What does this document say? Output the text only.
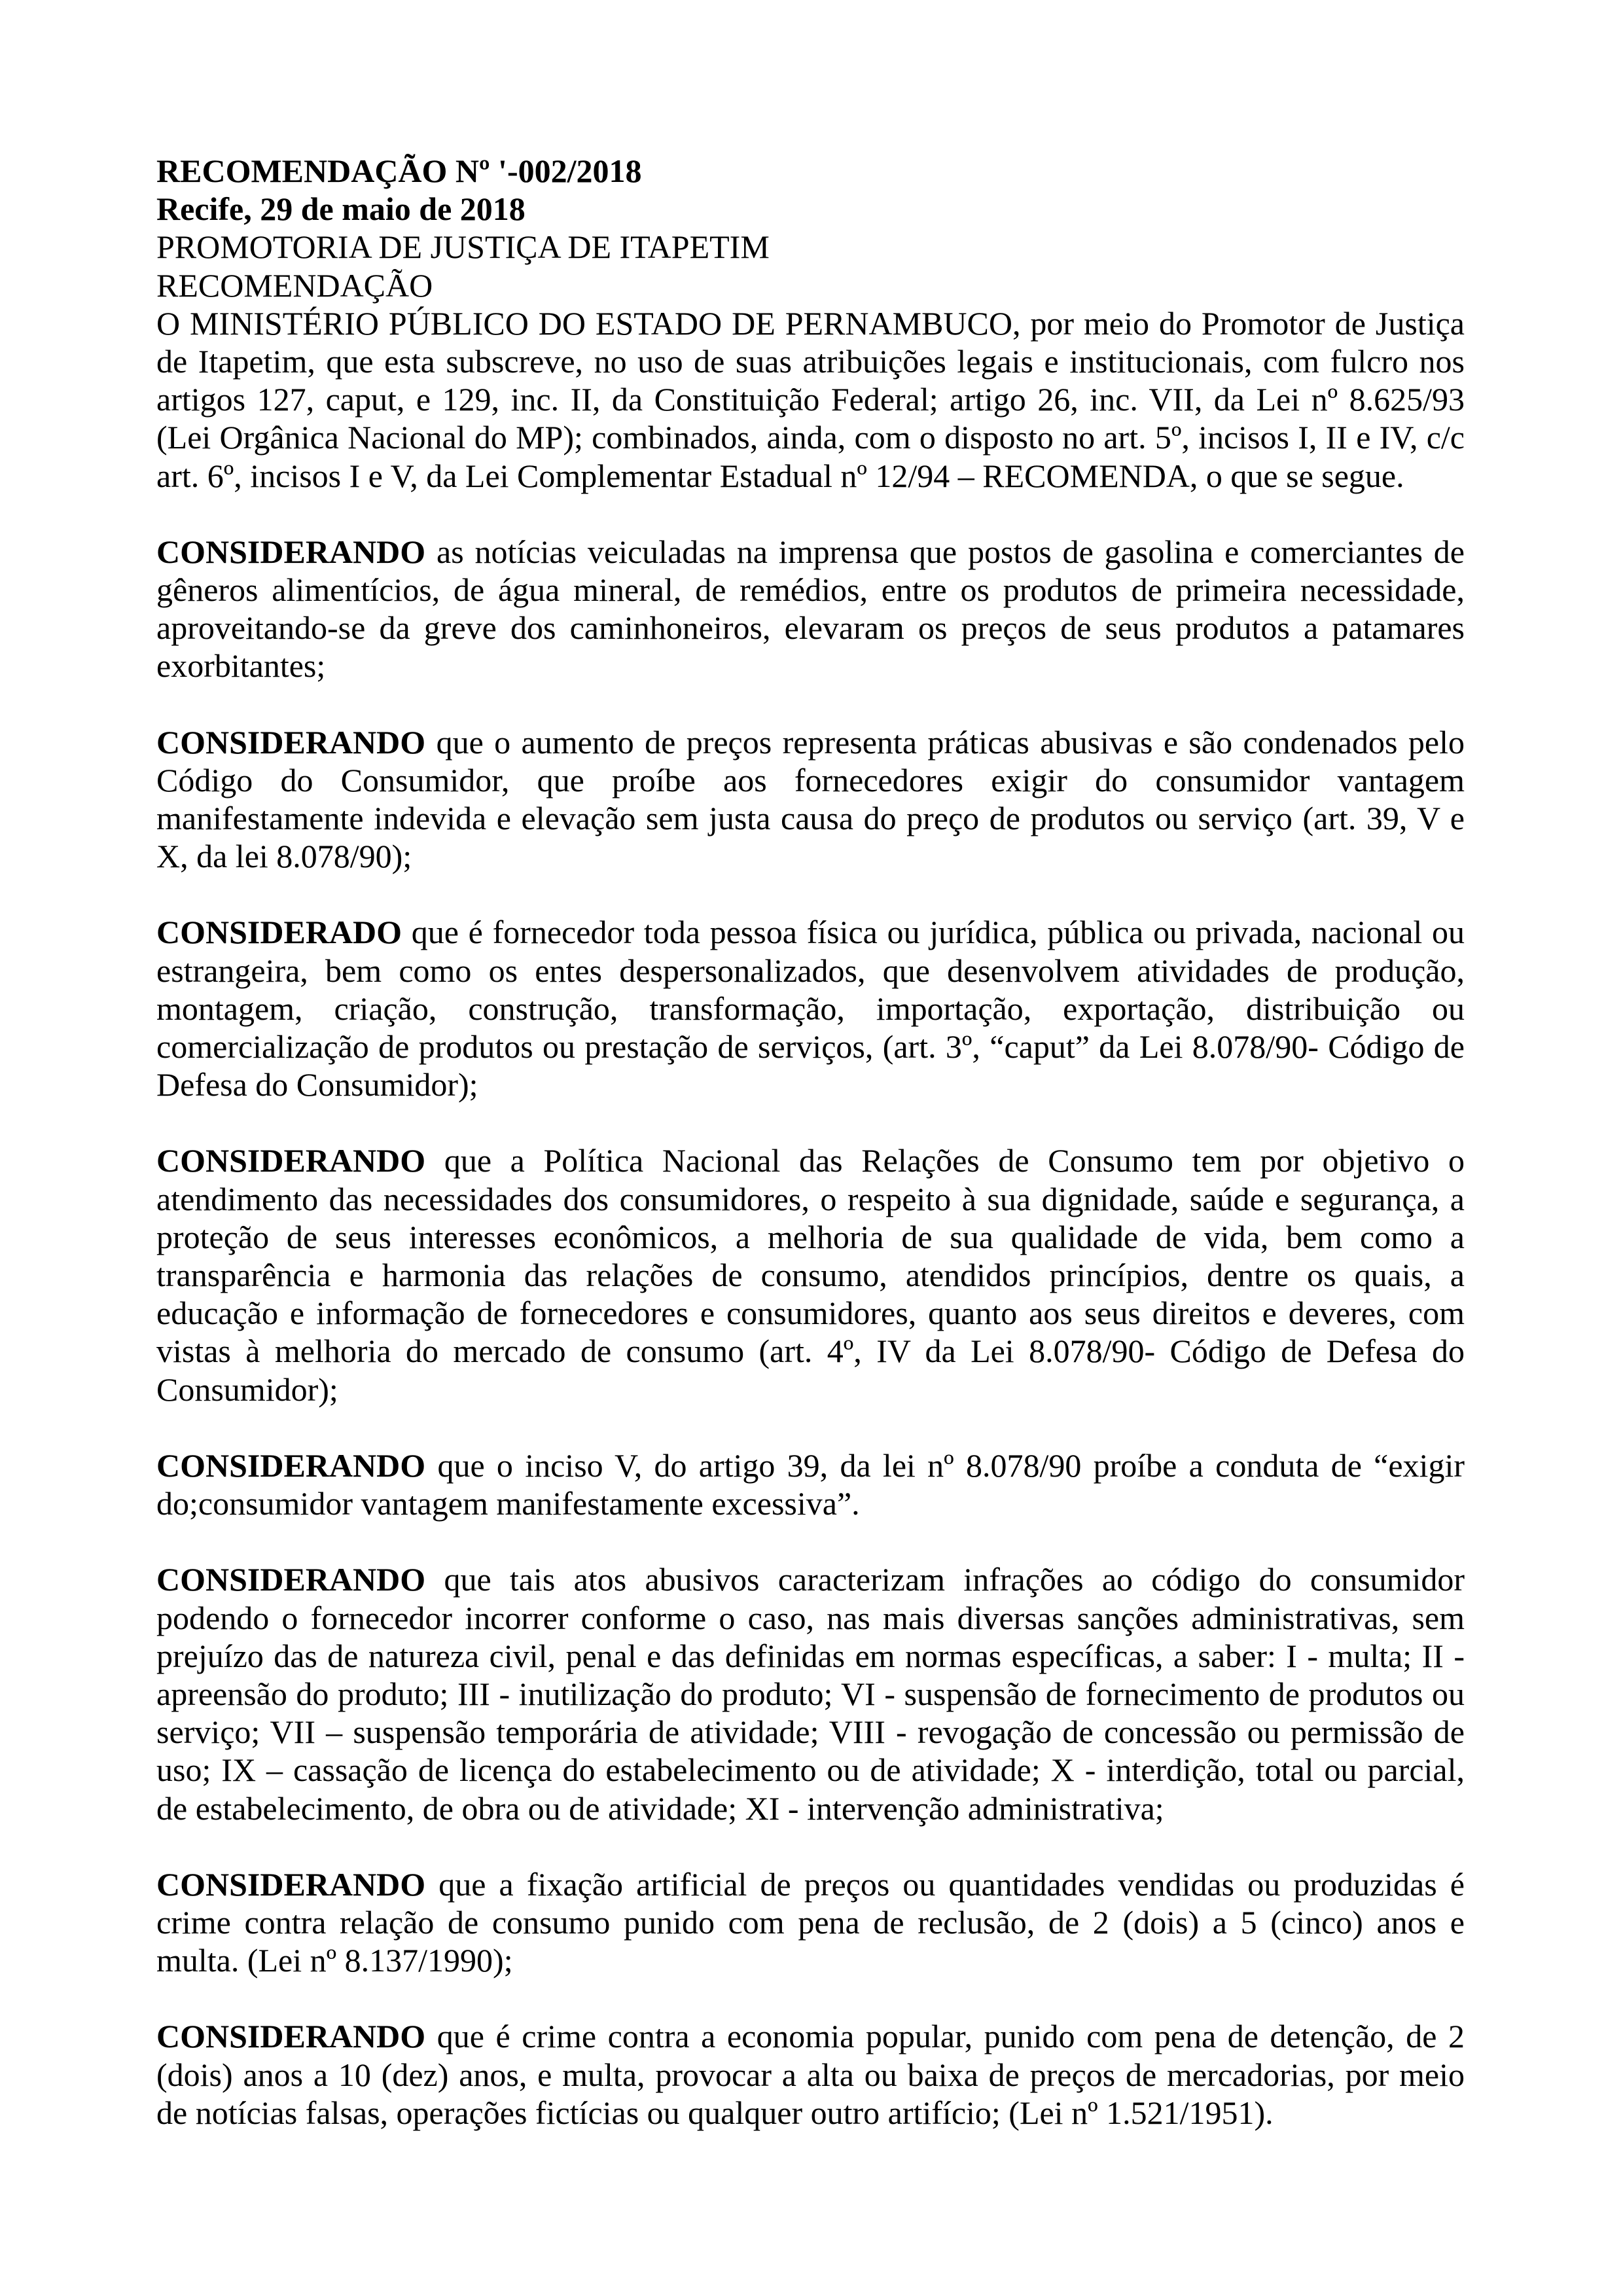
RECOMENDAÇÃO Nº '-002/2018

Recife, 29 de maio de 2018

PROMOTORIA DE JUSTIÇA DE ITAPETIM

RECOMENDAÇÃO

O MINISTÉRIO PÚBLICO DO ESTADO DE PERNAMBUCO, por meio do Promotor de Justiça de Itapetim, que esta subscreve, no uso de suas atribuições legais e institucionais, com fulcro nos artigos 127, caput, e 129, inc. II, da Constituição Federal; artigo 26, inc. VII, da Lei nº 8.625/93 (Lei Orgânica Nacional do MP); combinados, ainda, com o disposto no art. 5º, incisos I, II e IV, c/c art. 6º, incisos I e V, da Lei Complementar Estadual nº 12/94 – RECOMENDA, o que se segue.

CONSIDERANDO as notícias veiculadas na imprensa que postos de gasolina e comerciantes de gêneros alimentícios, de água mineral, de remédios, entre os produtos de primeira necessidade, aproveitando-se da greve dos caminhoneiros, elevaram os preços de seus produtos a patamares exorbitantes;

CONSIDERANDO que o aumento de preços representa práticas abusivas e são condenados pelo Código do Consumidor, que proíbe aos fornecedores exigir do consumidor vantagem manifestamente indevida e elevação sem justa causa do preço de produtos ou serviço (art. 39, V e X, da lei 8.078/90);

CONSIDERADO que é fornecedor toda pessoa física ou jurídica, pública ou privada, nacional ou estrangeira, bem como os entes despersonalizados, que desenvolvem atividades de produção, montagem, criação, construção, transformação, importação, exportação, distribuição ou comercialização de produtos ou prestação de serviços, (art. 3º, “caput” da Lei 8.078/90- Código de Defesa do Consumidor);

CONSIDERANDO que a Política Nacional das Relações de Consumo tem por objetivo o atendimento das necessidades dos consumidores, o respeito à sua dignidade, saúde e segurança, a proteção de seus interesses econômicos, a melhoria de sua qualidade de vida, bem como a transparência e harmonia das relações de consumo, atendidos princípios, dentre os quais, a educação e informação de fornecedores e consumidores, quanto aos seus direitos e deveres, com vistas à melhoria do mercado de consumo (art. 4º, IV da Lei 8.078/90- Código de Defesa do Consumidor);

CONSIDERANDO que o inciso V, do artigo 39, da lei nº 8.078/90 proíbe a conduta de “exigir do;consumidor vantagem manifestamente excessiva”.

CONSIDERANDO que tais atos abusivos caracterizam infrações ao código do consumidor podendo o fornecedor incorrer conforme o caso, nas mais diversas sanções administrativas, sem prejuízo das de natureza civil, penal e das definidas em normas específicas, a saber: I - multa; II - apreensão do produto; III - inutilização do produto; VI - suspensão de fornecimento de produtos ou serviço; VII – suspensão temporária de atividade; VIII - revogação de concessão ou permissão de uso; IX – cassação de licença do estabelecimento ou de atividade; X - interdição, total ou parcial, de estabelecimento, de obra ou de atividade; XI - intervenção administrativa;

CONSIDERANDO que a fixação artificial de preços ou quantidades vendidas ou produzidas é crime contra relação de consumo punido com pena de reclusão, de 2 (dois) a 5 (cinco) anos e multa. (Lei nº 8.137/1990);

CONSIDERANDO que é crime contra a economia popular, punido com pena de detenção, de 2 (dois) anos a 10 (dez) anos, e multa, provocar a alta ou baixa de preços de mercadorias, por meio de notícias falsas, operações fictícias ou qualquer outro artifício; (Lei nº 1.521/1951).
